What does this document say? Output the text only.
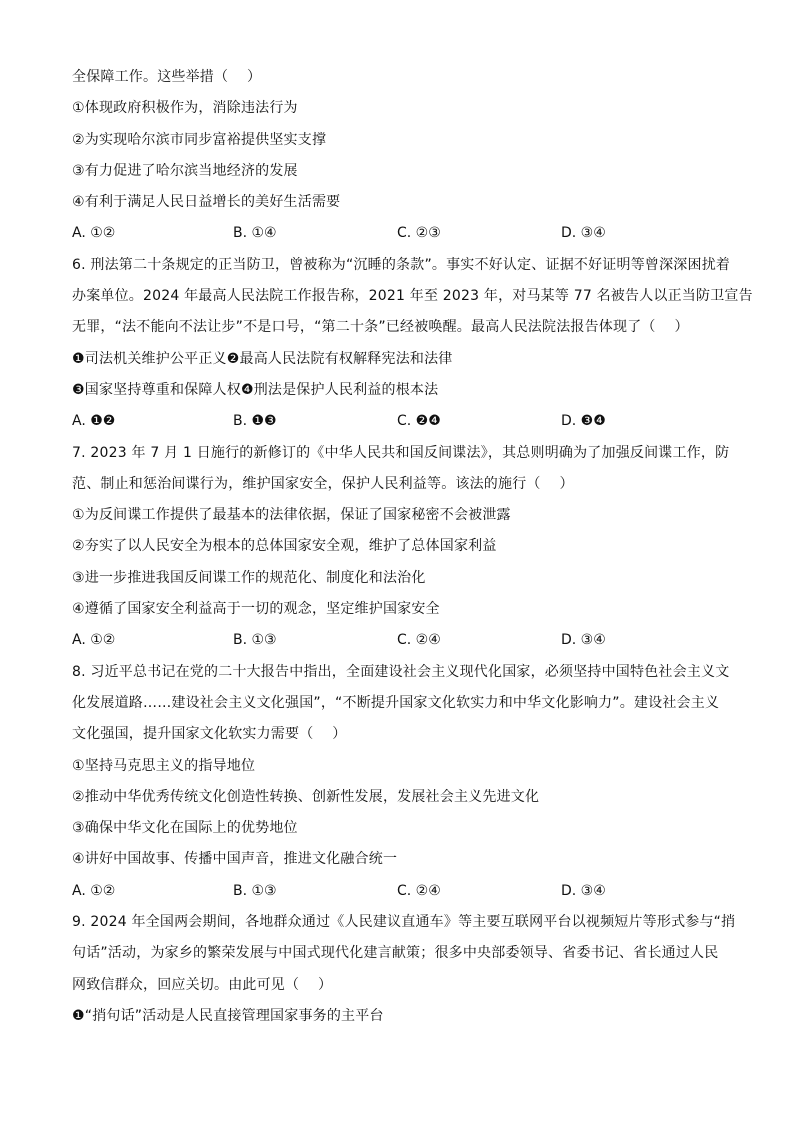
全保障工作。这些举措（　 ）
①体现政府积极作为，消除违法行为
②为实现哈尔滨市同步富裕提供坚实支撑
③有力促进了哈尔滨当地经济的发展
④有利于满足人民日益增长的美好生活需要
A. ①②	B. ①④	C. ②③	D. ③④
6. 刑法第二十条规定的正当防卫，曾被称为“沉睡的条款”。事实不好认定、证据不好证明等曾深深困扰着
办案单位。2024 年最高人民法院工作报告称，2021 年至 2023 年，对马某等 77 名被告人以正当防卫宣告
无罪，“法不能向不法让步”不是口号，“第二十条”已经被唤醒。最高人民法院法报告体现了（　 ）
❶司法机关维护公平正义❷最高人民法院有权解释宪法和法律
❸国家坚持尊重和保障人权❹刑法是保护人民利益的根本法
A. ❶❷	B. ❶❸	C. ❷❹	D. ❸❹
7. 2023 年 7 月 1 日施行的新修订的《中华人民共和国反间谍法》，其总则明确为了加强反间谍工作，防
范、制止和惩治间谍行为，维护国家安全，保护人民利益等。该法的施行（　 ）
①为反间谍工作提供了最基本的法律依据，保证了国家秘密不会被泄露
②夯实了以人民安全为根本的总体国家安全观，维护了总体国家利益
③进一步推进我国反间谍工作的规范化、制度化和法治化
④遵循了国家安全利益高于一切的观念，坚定维护国家安全
A. ①②	B. ①③	C. ②④	D. ③④
8. 习近平总书记在党的二十大报告中指出，全面建设社会主义现代化国家，必须坚持中国特色社会主义文
化发展道路……建设社会主义文化强国”，“不断提升国家文化软实力和中华文化影响力”。建设社会主义
文化强国，提升国家文化软实力需要（　 ）
①坚持马克思主义的指导地位
②推动中华优秀传统文化创造性转换、创新性发展，发展社会主义先进文化
③确保中华文化在国际上的优势地位
④讲好中国故事、传播中国声音，推进文化融合统一
A. ①②	B. ①③	C. ②④	D. ③④
9. 2024 年全国两会期间，各地群众通过《人民建议直通车》等主要互联网平台以视频短片等形式参与“捎
句话”活动，为家乡的繁荣发展与中国式现代化建言献策；很多中央部委领导、省委书记、省长通过人民
网致信群众，回应关切。由此可见（　 ）
❶“捎句话”活动是人民直接管理国家事务的主平台
